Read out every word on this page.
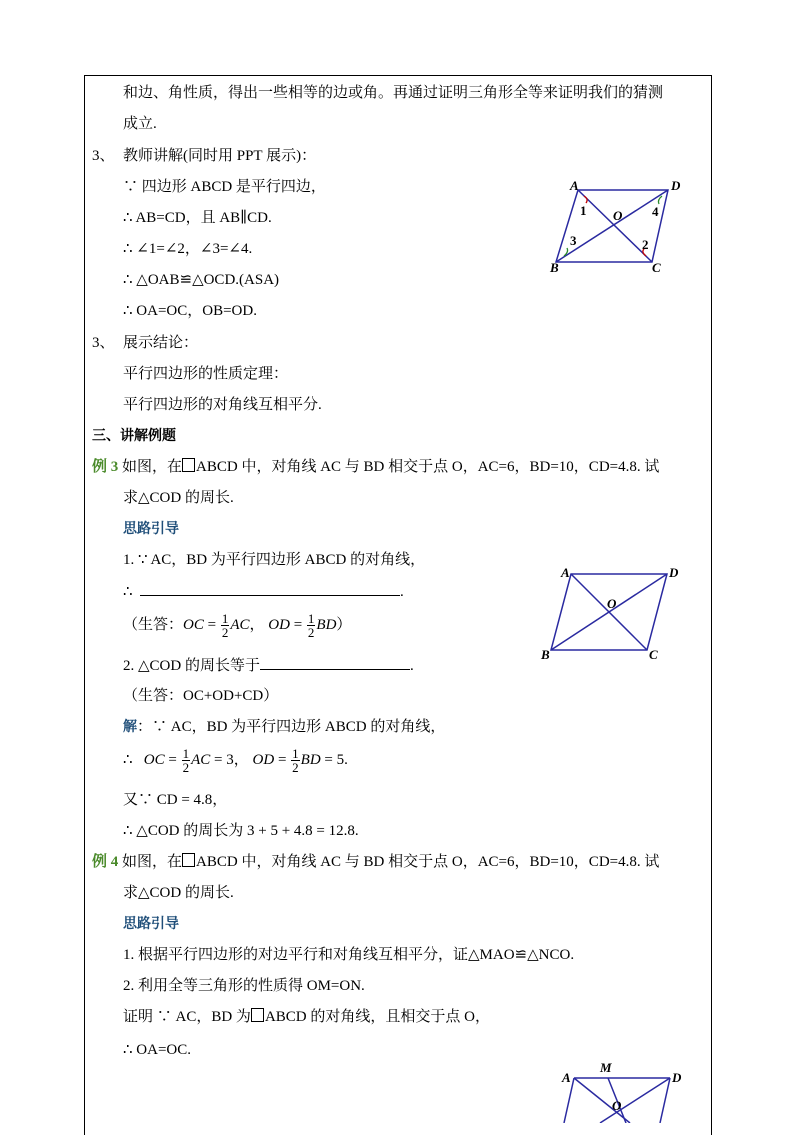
和边、角性质，得出一些相等的边或角。再通过证明三角形全等来证明我们的猜测
成立.
3、 教师讲解(同时用 PPT 展示)：
∵ 四边形 ABCD 是平行四边，
∴ AB=CD，且 AB∥CD.
∴ ∠1=∠2，∠3=∠4.
∴ △OAB≌△OCD.(ASA)
∴ OA=OC，OB=OD.
A	D
B	C
O
1
2
3
4
3、 展示结论：
平行四边形的性质定理：
平行四边形的对角线互相平分.
三、讲解例题
例 3 如图，在 ABCD 中，对角线 AC 与 BD 相交于点 O，AC=6，BD=10，CD=4.8. 试
求△COD 的周长.
思路引导
1. ∵ AC，BD 为平行四边形 ABCD 的对角线，
∴	.
（生答：OC = $\frac{1}{2}$ AC， OD = $\frac{1}{2} BD$）
2. △COD 的周长等于	.
（生答：OC+OD+CD）
解：∵ AC，BD 为平行四边形 ABCD 的对角线，
∴ OC = $\frac{1}{2}$ AC = 3， OD = $\frac{1}{2}$ BD = 5.
又∵ CD = 4.8，
∴ △COD 的周长为 3 + 5 + 4.8 = 12.8.
A	D
B	C
O
例 4 如图，在 ABCD 中，对角线 AC 与 BD 相交于点 O，AC=6，BD=10，CD=4.8. 试
求△COD 的周长.
思路引导
1. 根据平行四边形的对边平行和对角线互相平分，证△MAO≌△NCO.
2. 利用全等三角形的性质得 OM=ON.
证明 ∵ AC，BD 为 ABCD 的对角线，且相交于点 O，
∴ OA=OC.
A	D
M
O
